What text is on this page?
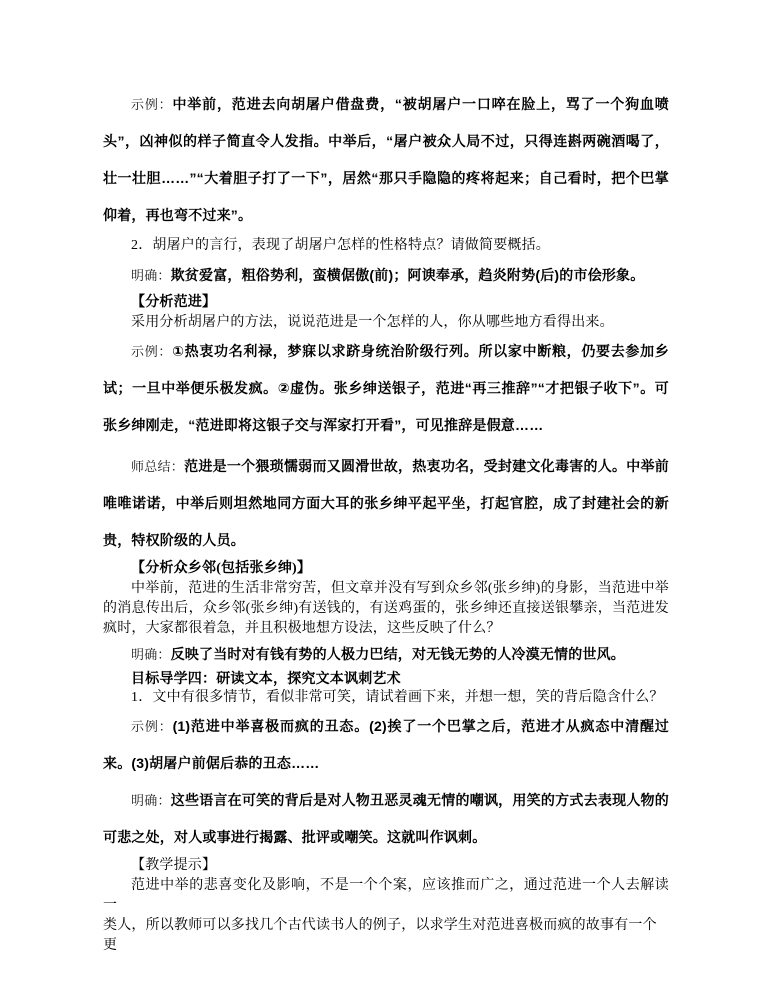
示例：中举前，范进去向胡屠户借盘费，“被胡屠户一口啐在脸上，骂了一个狗血喷
头”，凶神似的样子简直令人发指。中举后，“屠户被众人局不过，只得连斟两碗酒喝了，
壮一壮胆……”“大着胆子打了一下”，居然“那只手隐隐的疼将起来；自己看时，把个巴掌
仰着，再也弯不过来”。
2．胡屠户的言行，表现了胡屠户怎样的性格特点？请做简要概括。
明确：欺贫爱富，粗俗势利，蛮横倨傲(前)；阿谀奉承，趋炎附势(后)的市侩形象。
【分析范进】
采用分析胡屠户的方法，说说范进是一个怎样的人，你从哪些地方看得出来。
示例：①热衷功名利禄，梦寐以求跻身统治阶级行列。所以家中断粮，仍要去参加乡
试；一旦中举便乐极发疯。②虚伪。张乡绅送银子，范进“再三推辞”“才把银子收下”。可
张乡绅刚走，“范进即将这银子交与浑家打开看”，可见推辞是假意……
师总结：范进是一个猥琐懦弱而又圆滑世故，热衷功名，受封建文化毒害的人。中举前
唯唯诺诺，中举后则坦然地同方面大耳的张乡绅平起平坐，打起官腔，成了封建社会的新
贵，特权阶级的人员。
【分析众乡邻(包括张乡绅)】
中举前，范进的生活非常穷苦，但文章并没有写到众乡邻(张乡绅)的身影，当范进中举
的消息传出后，众乡邻(张乡绅)有送钱的，有送鸡蛋的，张乡绅还直接送银攀亲，当范进发
疯时，大家都很着急，并且积极地想方设法，这些反映了什么？
明确：反映了当时对有钱有势的人极力巴结，对无钱无势的人冷漠无情的世风。
目标导学四：研读文本，探究文本讽刺艺术
1．文中有很多情节，看似非常可笑，请试着画下来，并想一想，笑的背后隐含什么？
示例：(1)范进中举喜极而疯的丑态。(2)挨了一个巴掌之后，范进才从疯态中清醒过
来。(3)胡屠户前倨后恭的丑态……
明确：这些语言在可笑的背后是对人物丑恶灵魂无情的嘲讽，用笑的方式去表现人物的
可悲之处，对人或事进行揭露、批评或嘲笑。这就叫作讽刺。
【教学提示】
范进中举的悲喜变化及影响，不是一个个案，应该推而广之，通过范进一个人去解读一
类人，所以教师可以多找几个古代读书人的例子，以求学生对范进喜极而疯的故事有一个更
